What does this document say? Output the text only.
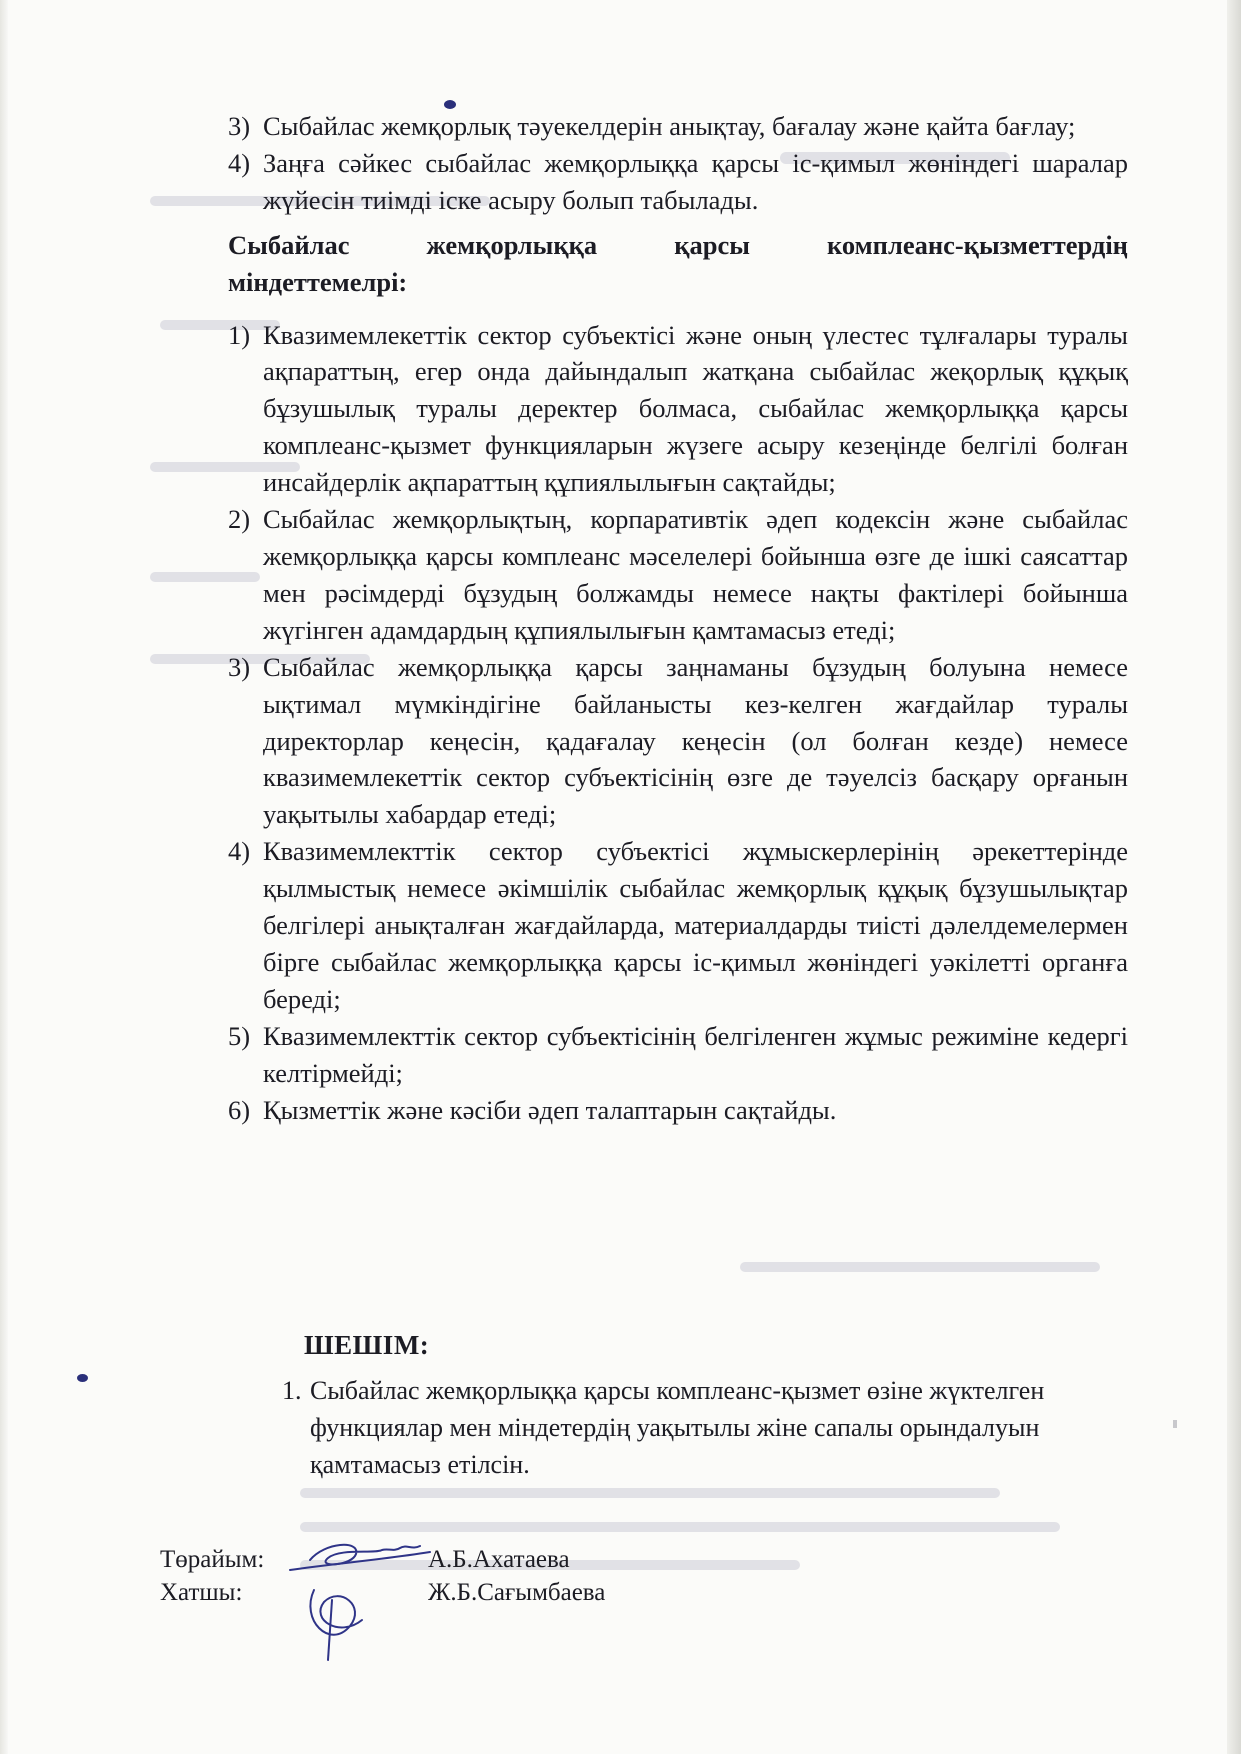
3) Сыбайлас жемқорлық тәуекелдерін анықтау, бағалау және қайта бағлау;
4) Заңға сәйкес сыбайлас жемқорлыққа қарсы іс-қимыл жөніндегі шаралар жүйесін тиімді іске асыру болып табылады.
Сыбайлас	жемқорлыққа	қарсы	комплеанс-қызметтердің
міндеттемелрі:
1) Квазимемлекеттік сектор субъектісі және оның үлестес тұлғалары туралы ақпараттың, егер онда дайындалып жатқана сыбайлас жеқорлық құқық бұзушылық туралы деректер болмаса, сыбайлас жемқорлыққа қарсы комплеанс-қызмет функцияларын жүзеге асыру кезеңінде белгілі болған инсайдерлік ақпараттың құпиялылығын сақтайды;
2) Сыбайлас жемқорлықтың, корпаративтік әдеп кодексін және сыбайлас жемқорлыққа қарсы комплеанс мәселелері бойынша өзге де ішкі саясаттар мен рәсімдерді бұзудың болжамды немесе нақты фактілері бойынша жүгінген адамдардың құпиялылығын қамтамасыз етеді;
3) Сыбайлас жемқорлыққа қарсы заңнаманы бұзудың болуына немесе ықтимал мүмкіндігіне байланысты кез-келген жағдайлар туралы директорлар кеңесін, қадағалау кеңесін (ол болған кезде) немесе квазимемлекеттік сектор субъектісінің өзге де тәуелсіз басқару орғанын уақытылы хабардар етеді;
4) Квазимемлекттік сектор субъектісі жұмыскерлерінің әрекеттерінде қылмыстық немесе әкімшілік сыбайлас жемқорлық құқық бұзушылықтар белгілері анықталған жағдайларда, материалдарды тиісті дәлелдемелермен бірге сыбайлас жемқорлыққа қарсы іс-қимыл жөніндегі уәкілетті органға береді;
5) Квазимемлекттік сектор субъектісінің белгіленген жұмыс режиміне кедергі келтірмейді;
6) Қызметтік және кәсіби әдеп талаптарын сақтайды.
ШЕШІМ:
1. Сыбайлас жемқорлыққа қарсы комплеанс-қызмет өзіне жүктелген функциялар мен міндетердің уақытылы жіне сапалы орындалуын қамтамасыз етілсін.
Төрайым:	А.Б.Ахатаева
Хатшы:	Ж.Б.Сағымбаева
